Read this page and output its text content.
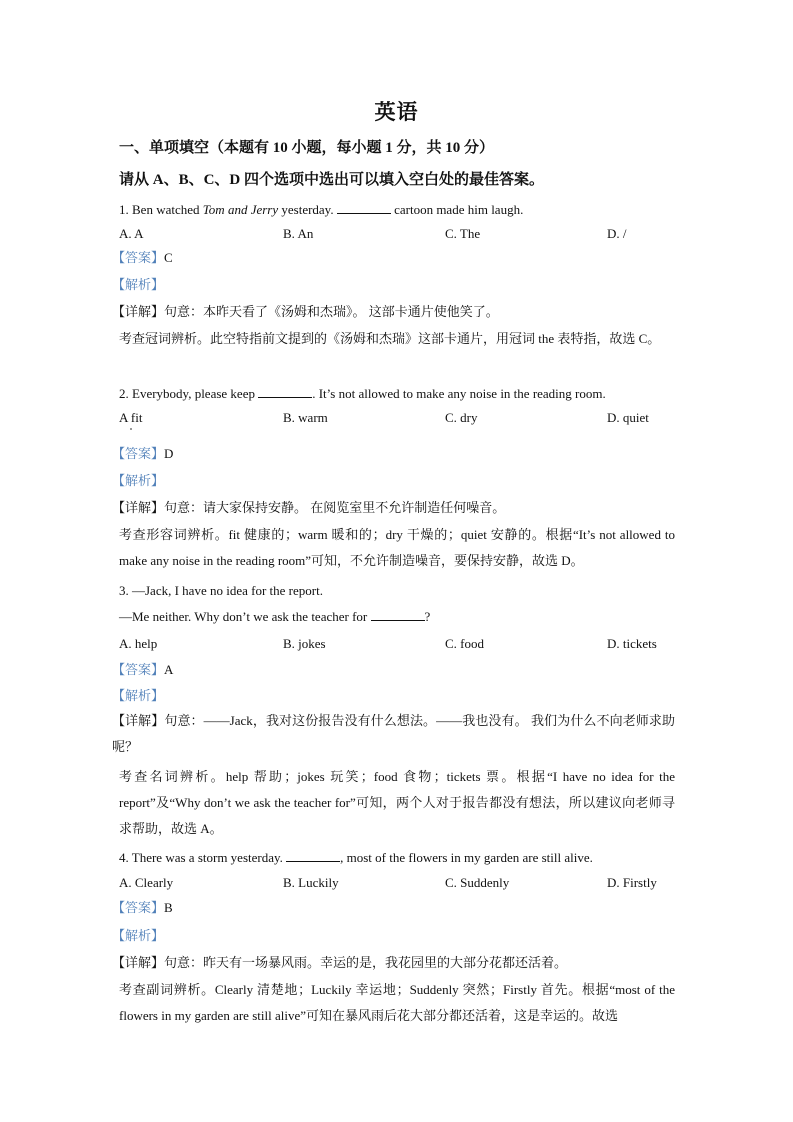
英语
一、单项填空（本题有 10 小题，每小题 1 分，共 10 分）
请从 A、B、C、D 四个选项中选出可以填入空白处的最佳答案。
1. Ben watched Tom and Jerry yesterday.	cartoon made him laugh.
A. A	B. An	C. The	D. /
【答案】C
【解析】
【详解】句意：本昨天看了《汤姆和杰瑞》。 这部卡通片使他笑了。
考查冠词辨析。此空特指前文提到的《汤姆和杰瑞》这部卡通片，用冠词 the 表特指，故选 C。
2. Everybody, please keep	. It’s not allowed to make any noise in the reading room.
A fit	B. warm	C. dry	D. quiet
【答案】D
【解析】
【详解】句意：请大家保持安静。 在阅览室里不允许制造任何噪音。
考查形容词辨析。fit 健康的；warm 暖和的；dry 干燥的；quiet 安静的。根据“It’s not allowed to make any noise in the reading room”可知，不允许制造噪音，要保持安静，故选 D。
3. —Jack, I have no idea for the report.
—Me neither. Why don’t we ask the teacher for	?
A. help	B. jokes	C. food	D. tickets
【答案】A
【解析】
【详解】句意：——Jack，我对这份报告没有什么想法。——我也没有。 我们为什么不向老师求助呢？
考查名词辨析。help 帮助；jokes 玩笑；food 食物；tickets 票。根据“I have no idea for the report”及“Why don’t we ask the teacher for”可知，两个人对于报告都没有想法，所以建议向老师寻求帮助，故选 A。
4. There was a storm yesterday.	, most of the flowers in my garden are still alive.
A. Clearly	B. Luckily	C. Suddenly	D. Firstly
【答案】B
【解析】
【详解】句意：昨天有一场暴风雨。幸运的是，我花园里的大部分花都还活着。
考查副词辨析。Clearly 清楚地；Luckily 幸运地；Suddenly 突然；Firstly 首先。根据“most of the flowers in my garden are still alive”可知在暴风雨后花大部分都还活着，这是幸运的。故选
